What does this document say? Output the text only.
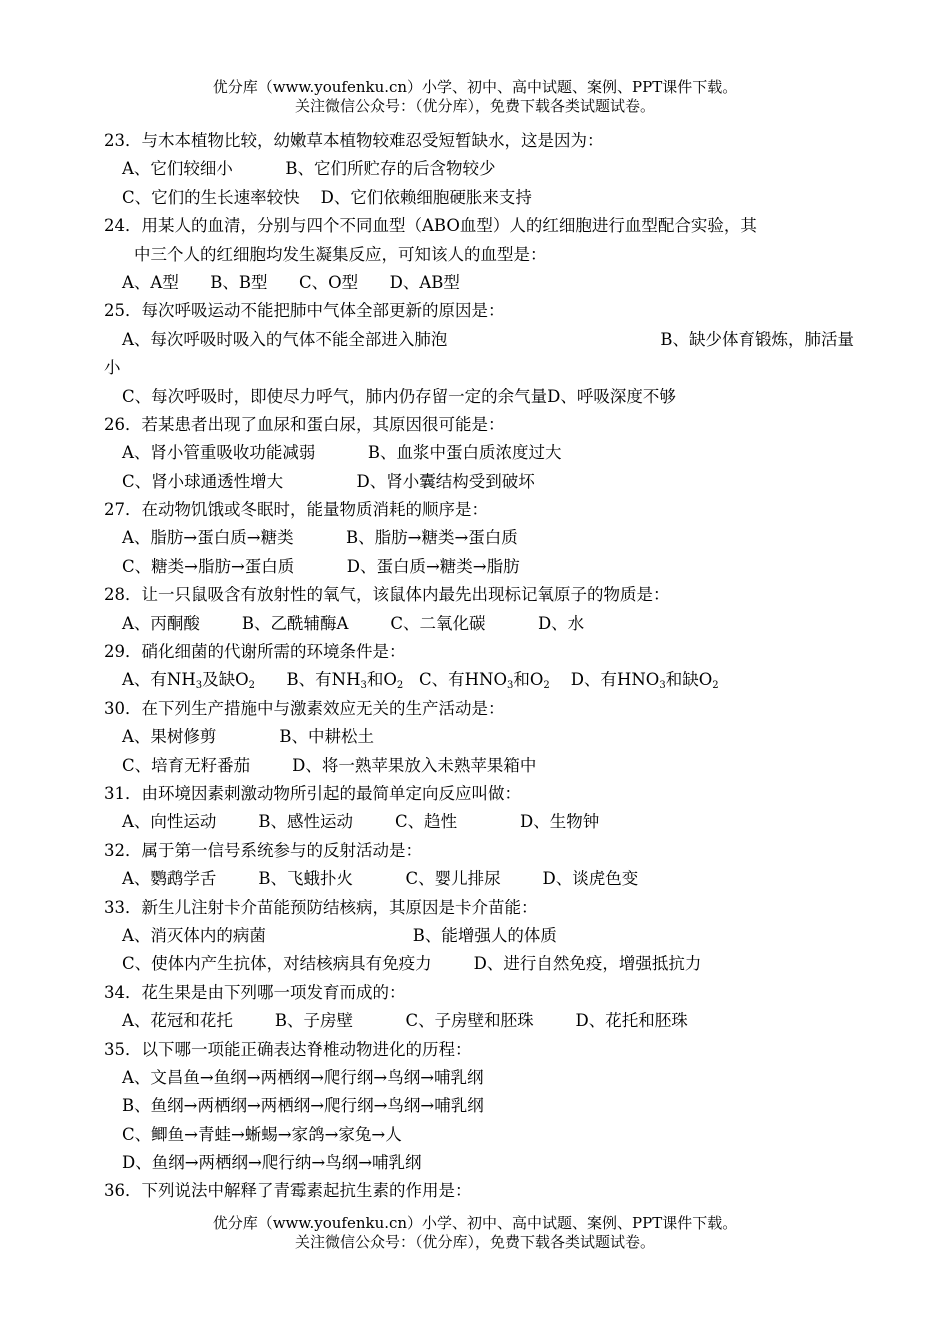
优分库（www.youfenku.cn）小学、初中、高中试题、案例、PPT课件下载。
关注微信公众号：（优分库），免费下载各类试题试卷。
23．与木本植物比较，幼嫩草本植物较难忍受短暂缺水，这是因为：
A、它们较细小          B、它们所贮存的后含物较少
C、它们的生长速率较快    D、它们依赖细胞硬胀来支持
24．用某人的血清，分别与四个不同血型（ABO血型）人的红细胞进行血型配合实验，其
中三个人的红细胞均发生凝集反应，可知该人的血型是：
A、A型      B、B型      C、O型      D、AB型
25．每次呼吸运动不能把肺中气体全部更新的原因是：
A、每次呼吸时吸入的气体不能全部进入肺泡	B、缺少体育锻炼，肺活量
小
C、每次呼吸时，即使尽力呼气，肺内仍存留一定的余气量D、呼吸深度不够
26．若某患者出现了血尿和蛋白尿，其原因很可能是：
A、肾小管重吸收功能减弱          B、血浆中蛋白质浓度过大
C、肾小球通透性增大              D、肾小囊结构受到破坏
27．在动物饥饿或冬眠时，能量物质消耗的顺序是：
A、脂肪→蛋白质→糖类          B、脂肪→糖类→蛋白质
C、糖类→脂肪→蛋白质          D、蛋白质→糖类→脂肪
28．让一只鼠吸含有放射性的氧气，该鼠体内最先出现标记氧原子的物质是：
A、丙酮酸        B、乙酰辅酶A        C、二氧化碳          D、水
29．硝化细菌的代谢所需的环境条件是：
A、有$NH_3$及缺$O_2$ B、有$NH_3$和$O_2$ C、有$HNO_3$和$O_2$ D、有$HNO_3$和缺$O_2$
30．在下列生产措施中与激素效应无关的生产活动是：
A、果树修剪            B、中耕松土
C、培育无籽番茄        D、将一熟苹果放入未熟苹果箱中
31．由环境因素刺激动物所引起的最简单定向反应叫做：
A、向性运动        B、感性运动        C、趋性            D、生物钟
32．属于第一信号系统参与的反射活动是：
A、鹦鹉学舌        B、飞蛾扑火          C、婴儿排尿        D、谈虎色变
33．新生儿注射卡介苗能预防结核病，其原因是卡介苗能：
A、消灭体内的病菌                            B、能增强人的体质
C、使体内产生抗体，对结核病具有免疫力        D、进行自然免疫，增强抵抗力
34．花生果是由下列哪一项发育而成的：
A、花冠和花托        B、子房壁          C、子房壁和胚珠        D、花托和胚珠
35．以下哪一项能正确表达脊椎动物进化的历程：
A、文昌鱼→鱼纲→两栖纲→爬行纲→鸟纲→哺乳纲
B、鱼纲→两栖纲→两栖纲→爬行纲→鸟纲→哺乳纲
C、鲫鱼→青蛙→蜥蜴→家鸽→家兔→人
D、鱼纲→两栖纲→爬行纳→鸟纲→哺乳纲
36．下列说法中解释了青霉素起抗生素的作用是：
优分库（www.youfenku.cn）小学、初中、高中试题、案例、PPT课件下载。
关注微信公众号：（优分库），免费下载各类试题试卷。
